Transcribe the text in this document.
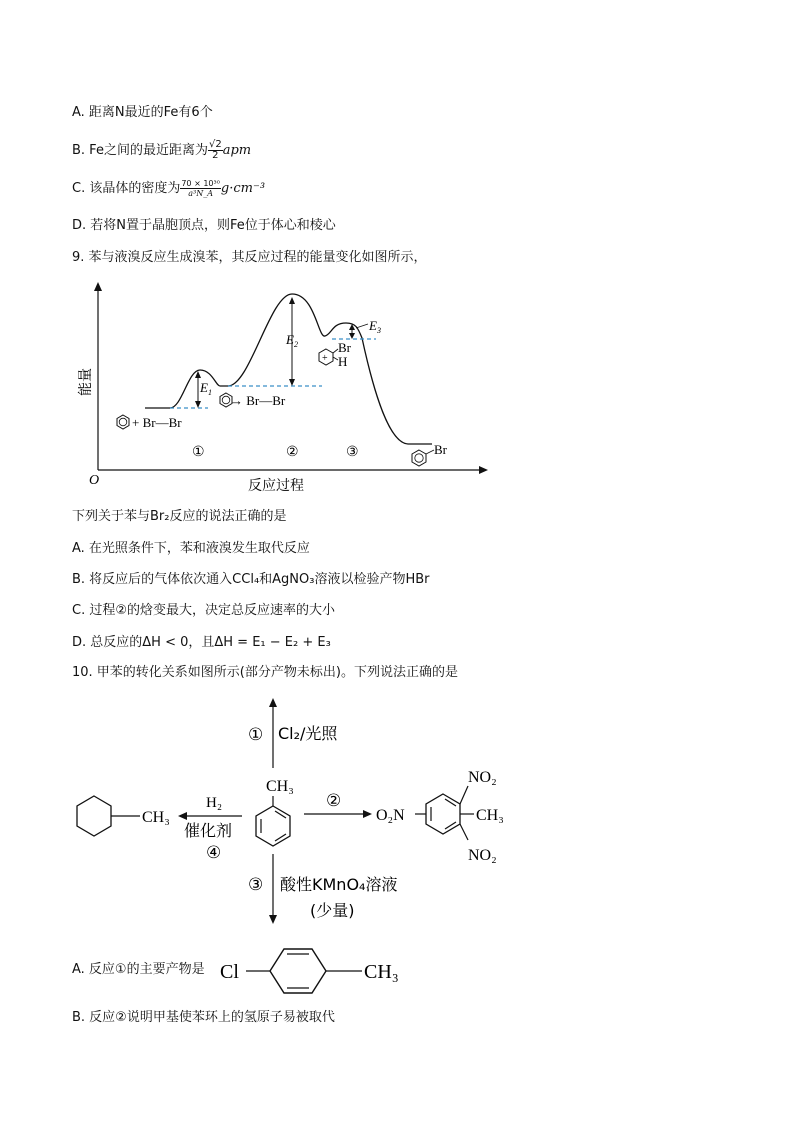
A. 距离N最近的Fe有6个
B. Fe之间的最近距离为 $\frac{√2}{2}$ apm
C. 该晶体的密度为 $\frac{\text{70 × 10³⁰}}{\text{a³N\_A}} g\cdot cm^{-3}$
D. 若将N置于晶胞顶点，则Fe位于体心和棱心
9. 苯与液溴反应生成溴苯，其反应过程的能量变化如图所示，
O
能量
反应过程
$E_1$
$E_2$
$E_3$
+ Br—Br
→ Br—Br
+
Br
H
Br
①	②	③
下列关于苯与Br₂反应的说法正确的是
A. 在光照条件下，苯和液溴发生取代反应
B. 将反应后的气体依次通入CCl₄和AgNO₃溶液以检验产物HBr
C. 过程②的焓变最大，决定总反应速率的大小
D. 总反应的ΔH < 0，且ΔH = E₁ − E₂ + E₃
10. 甲苯的转化关系如图所示(部分产物未标出)。下列说法正确的是
① Cl₂/光照
CH₃
③ 酸性KMnO₄溶液
(少量)
H₂
催化剂
④
CH₃
②
O₂N
NO₂
CH₃
NO₂
A. 反应①的主要产物是 Cl	CH₃
B. 反应②说明甲基使苯环上的氢原子易被取代
